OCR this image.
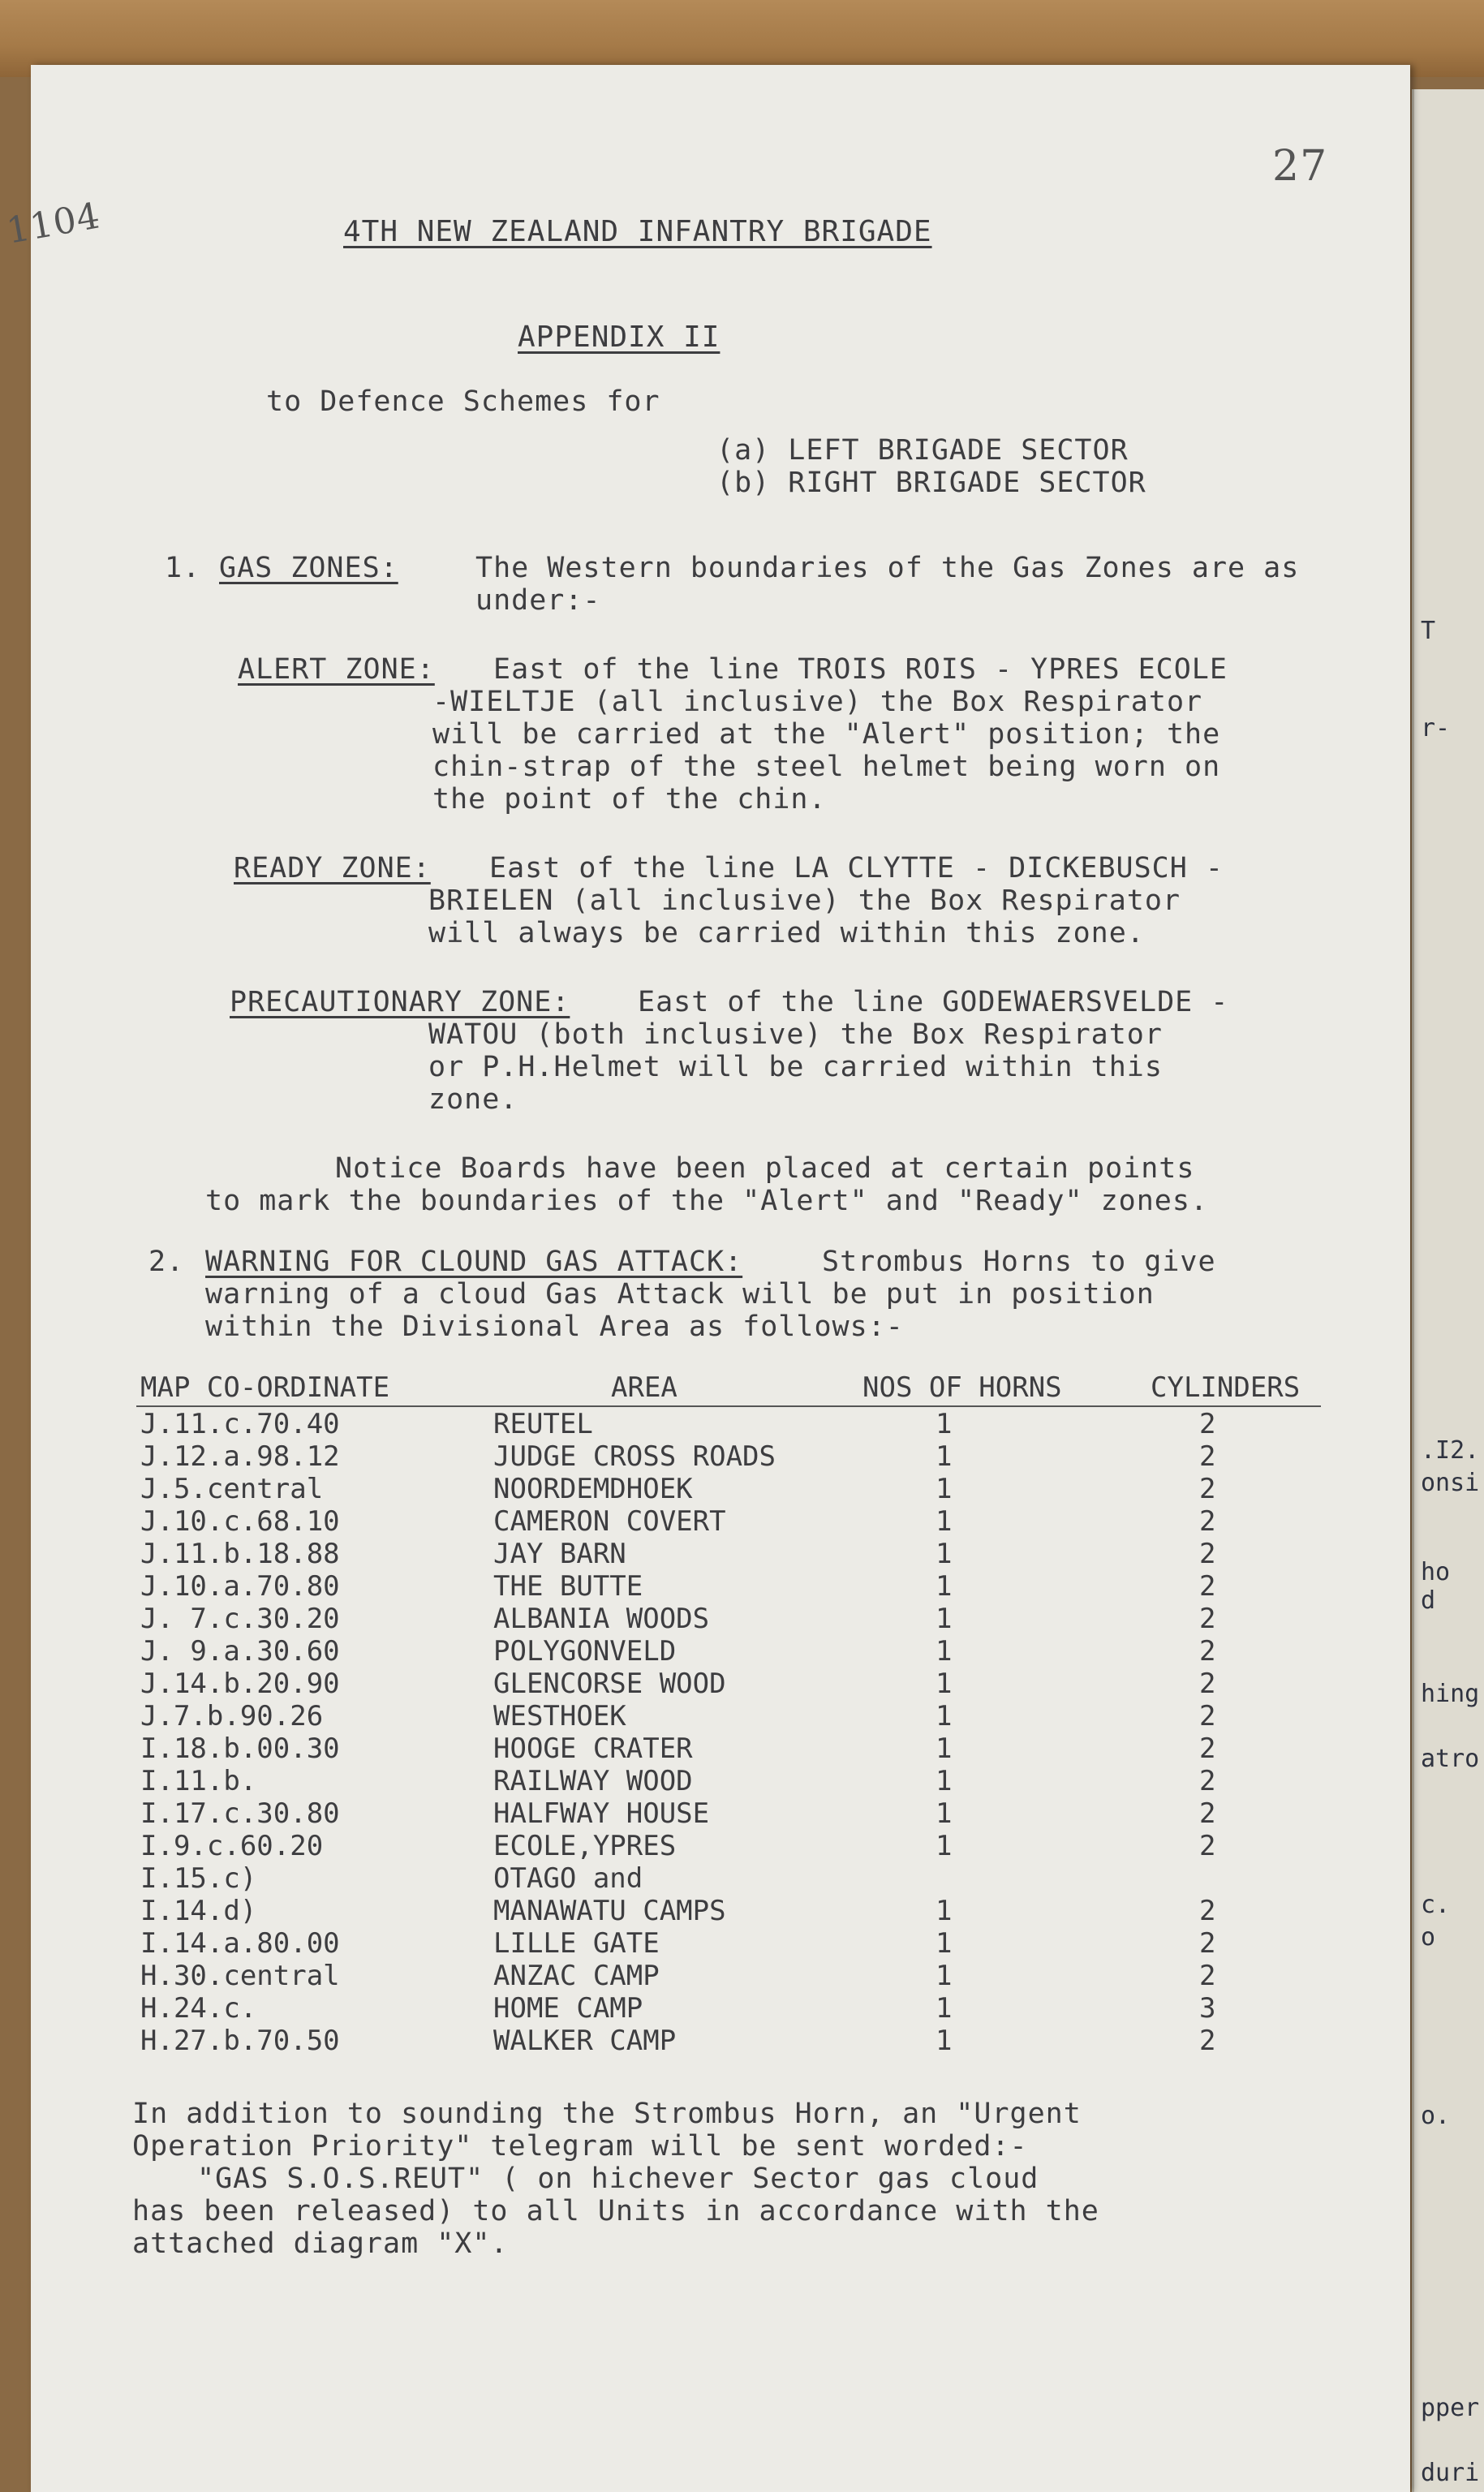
T
r-
.I2.
onsi
ho
d
hing
atro
c.
o
o.
pper
duri
1104
27
4TH NEW ZEALAND INFANTRY BRIGADE
APPENDIX II
to Defence Schemes for
(a) LEFT BRIGADE SECTOR
(b) RIGHT BRIGADE SECTOR
1. GAS ZONES:	The Western boundaries of the Gas Zones are as
under:-
ALERT ZONE: East of the line TROIS ROIS - YPRES ECOLE
-WIELTJE (all inclusive) the Box Respirator
will be carried at the "Alert" position; the
chin-strap of the steel helmet being worn on
the point of the chin.
READY ZONE: East of the line LA CLYTTE - DICKEBUSCH -
BRIELEN (all inclusive) the Box Respirator
will always be carried within this zone.
PRECAUTIONARY ZONE: East of the line GODEWAERSVELDE -
WATOU (both inclusive) the Box Respirator
or P.H.Helmet will be carried within this
zone.
Notice Boards have been placed at certain points
to mark the boundaries of the "Alert" and "Ready" zones.
2. WARNING FOR CLOUND GAS ATTACK:	Strombus Horns to give
warning of a cloud Gas Attack will be put in position
within the Divisional Area as follows:-
MAP CO-ORDINATE	AREA	NOS OF HORNS	CYLINDERS
J.11.c.70.40	REUTEL	1	2
J.12.a.98.12	JUDGE CROSS ROADS	1	2
J.5.central	NOORDEMDHOEK	1	2
J.10.c.68.10	CAMERON COVERT	1	2
J.11.b.18.88	JAY BARN	1	2
J.10.a.70.80	THE BUTTE	1	2
J. 7.c.30.20	ALBANIA WOODS	1	2
J. 9.a.30.60	POLYGONVELD	1	2
J.14.b.20.90	GLENCORSE WOOD	1	2
J.7.b.90.26	WESTHOEK	1	2
I.18.b.00.30	HOOGE CRATER	1	2
I.11.b.	RAILWAY WOOD	1	2
I.17.c.30.80	HALFWAY HOUSE	1	2
I.9.c.60.20	ECOLE,YPRES	1	2
I.15.c)	OTAGO and
I.14.d)	MANAWATU CAMPS	1	2
I.14.a.80.00	LILLE GATE	1	2
H.30.central	ANZAC CAMP	1	2
H.24.c.	HOME CAMP	1	3
H.27.b.70.50	WALKER CAMP	1	2
In addition to sounding the Strombus Horn, an "Urgent
Operation Priority" telegram will be sent worded:-
"GAS S.O.S.REUT" ( on hichever Sector gas cloud
has been released) to all Units in accordance with the
attached diagram "X".
